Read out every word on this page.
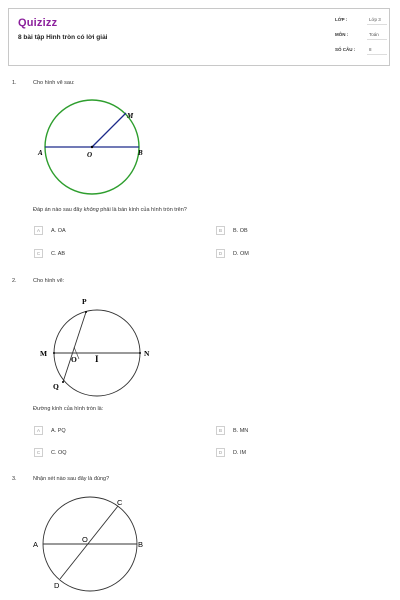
Quizizz
8 bài tập Hình tròn có lời giải
LỚP :	Lớp 3
MÔN :	Toán
SỐ CÂU :	8
1.	Cho hình vẽ sau:
M
A	O	B
Đáp án nào sau đây không phải là bán kính của hình tròn trên?
A	A. OA	B	B. OB
C	C. AB	D	D. OM
2.	Cho hình vẽ:
P
M
O I
N
Q
Đường kính của hình tròn là:
A	A. PQ	B	B. MN
C	C. OQ	D	D. IM
3.	Nhận xét nào sau đây là đúng?
C
A
O
B
D
